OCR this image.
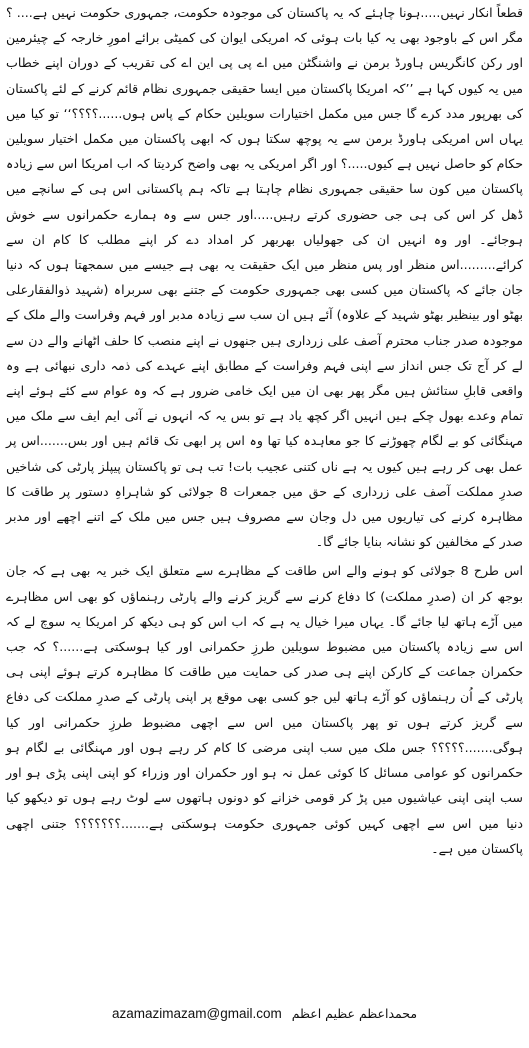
قطعاً انکار نہیں.....ہونا چاہئے کہ یہ پاکستان کی موجودہ حکومت، جمہوری حکومت نہیں ہے.... ؟ مگر اس کے باوجود بھی یہ کیا بات ہوئی کہ امریکی ایوان کی کمیٹی برائے امورِ خارجہ کے چیئرمین اور رکن کانگریس ہاورڈ برمن نے واشنگٹن میں اے پی پی این اے کی تقریب کے دوران اپنے خطاب میں یہ کیوں کہا ہے ’’کہ امریکا پاکستان میں ایسا حقیقی جمہوری نظام قائم کرنے کے لئے پاکستان کی بھرپور مدد کرے گا جس میں مکمل اختیارات سویلین حکام کے پاس ہوں......؟؟؟؟‘‘ تو کیا میں یہاں اس امریکی ہاورڈ برمن سے یہ پوچھ سکتا ہوں کہ ابھی پاکستان میں مکمل اختیار سویلین حکام کو حاصل نہیں ہے کیوں.....؟ اور اگر امریکی یہ بھی واضح کردیتا کہ اب امریکا اس سے زیادہ پاکستان میں کون سا حقیقی جمہوری نظام چاہتا ہے تاکہ ہم پاکستانی اس ہی کے سانچے میں ڈھل کر اس کی ہی جی حضوری کرتے رہیں.....اور جس سے وہ ہمارے حکمرانوں سے خوش ہوجائے۔ اور وہ انہیں ان کی جھولیاں بھربھر کر امداد دے کر اپنے مطلب کا کام ان سے کرائے.........اس منظر اور پس منظر میں ایک حقیقت یہ بھی ہے جیسے میں سمجھتا ہوں کہ دنیا جان جائے کہ پاکستان میں کسی بھی جمہوری حکومت کے جتنے بھی سربراہ (شہید ذوالفقارعلی بھٹو اور بینظیر بھٹو شہید کے علاوہ) آئے ہیں ان سب سے زیادہ مدبر اور فہم وفراست والے ملک کے موجودہ صدر جناب محترم آصف علی زرداری ہیں جنھوں نے اپنے منصب کا حلف اٹھانے والے دن سے لے کر آج تک جس انداز سے اپنی فہم وفراست کے مطابق اپنے عہدے کی ذمہ داری نبھائی ہے وہ واقعی قابلِ ستائش ہیں مگر پھر بھی ان میں ایک خامی ضرور ہے کہ وہ عوام سے کئے ہوئے اپنے تمام وعدے بھول چکے ہیں انہیں اگر کچھ یاد ہے تو بس یہ کہ انہوں نے آئی ایم ایف سے ملک میں مہنگائی کو بے لگام چھوڑنے کا جو معاہدہ کیا تھا وہ اس پر ابھی تک قائم ہیں اور بس.......اس پر عمل بھی کر رہے ہیں کیوں یہ ہے ناں کتنی عجیب بات! تب ہی تو پاکستان پیپلز پارٹی کی شاخیں صدرِ مملکت آصف علی زرداری کے حق میں جمعرات 8 جولائی کو شاہراہِ دستور پر طاقت کا مظاہرہ کرنے کی تیاریوں میں دل وجان سے مصروف ہیں جس میں ملک کے اتنے اچھے اور مدبر صدر کے مخالفین کو نشانہ بنایا جائے گا۔

اس طرح 8 جولائی کو ہونے والے اس طاقت کے مظاہرے سے متعلق ایک خبر یہ بھی ہے کہ جان بوجھ کر ان (صدرِ مملکت) کا دفاع کرنے سے گریز کرنے والے پارٹی رہنماؤں کو بھی اس مظاہرے میں آڑے ہاتھ لیا جائے گا۔ یہاں میرا خیال یہ ہے کہ اب اس کو ہی دیکھ کر امریکا یہ سوچ لے کہ اس سے زیادہ پاکستان میں مضبوط سویلین طرزِ حکمرانی اور کیا ہوسکتی ہے......؟ کہ جب حکمران جماعت کے کارکن اپنے ہی صدر کی حمایت میں طاقت کا مظاہرہ کرتے ہوئے اپنی ہی پارٹی کے اُن رہنماؤں کو آڑے ہاتھ لیں جو کسی بھی موقع پر اپنی پارٹی کے صدرِ مملکت کی دفاع سے گریز کرتے ہوں تو پھر پاکستان میں اس سے اچھی مضبوط طرزِ حکمرانی اور کیا ہوگی.......؟؟؟؟؟ جس ملک میں سب اپنی مرضی کا کام کر رہے ہوں اور مہنگائی بے لگام ہو حکمرانوں کو عوامی مسائل کا کوئی عمل نہ ہو اور حکمران اور وزراء کو اپنی اپنی پڑی ہو اور سب اپنی اپنی عیاشیوں میں پڑ کر قومی خزانے کو دونوں ہاتھوں سے لوٹ رہے ہوں تو دیکھو کیا دنیا میں اس سے اچھی کہیں کوئی جمہوری حکومت ہوسکتی ہے.......؟؟؟؟؟؟؟ جتنی اچھی پاکستان میں ہے۔

azamazimazam@gmail.com محمداعظم عظیم اعظم
